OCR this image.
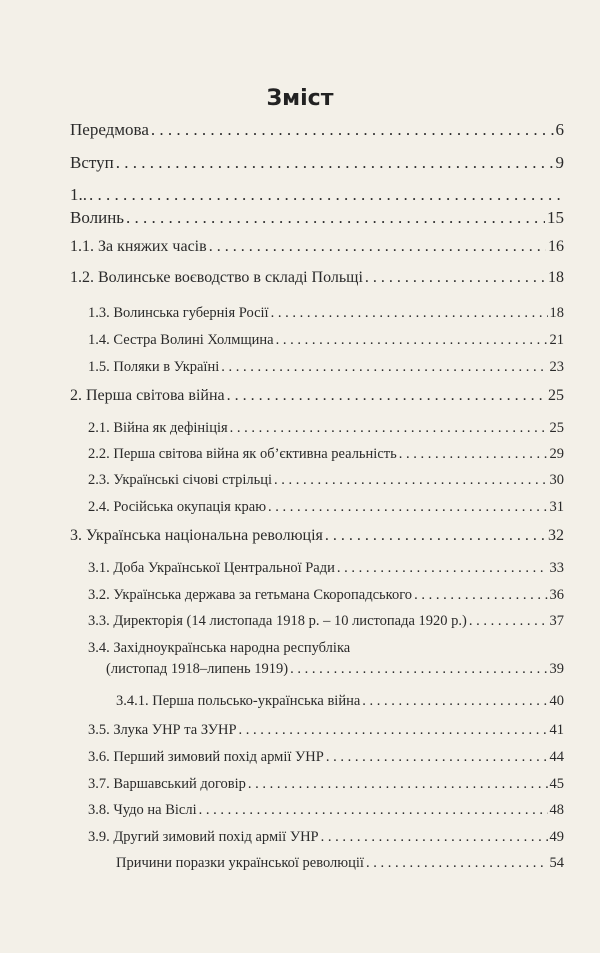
Зміст
Передмова . . .	6
Вступ . . .	9
1..
. . .
Волинь . . .	15
1.1. За княжих часів . . .	16
1.2. Волинське воєводство в складі Польщі . . .	18
1.3. Волинська губернія Росії . . .	18
1.4. Сестра Волині Холмщина . . .	21
1.5. Поляки в Україні . . .	23
2. Перша світова війна . . .	25
2.1. Війна як дефініція . . .	25
2.2. Перша світова війна як об’єктивна реальність . . .	29
2.3. Українські січові стрільці . . .	30
2.4. Російська окупація краю . . .	31
3. Українська національна революція . . .	32
3.1. Доба Української Центральної Ради . . .	33
3.2. Українська держава за гетьмана Скоропадського . . .	36
3.3. Директорія (14 листопада 1918 р. – 10 листопада 1920 р.) . . .	37
3.4. Західноукраїнська народна республіка
(листопад 1918–липень 1919) . . .	39
3.4.1. Перша польсько-українська війна . . .	40
3.5. Злука УНР та ЗУНР . . .	41
3.6. Перший зимовий похід армії УНР . . .	44
3.7. Варшавський договір . . .	45
3.8. Чудо на Віслі . . .	48
3.9. Другий зимовий похід армії УНР . . .	49
Причини поразки української революції . . .	54
